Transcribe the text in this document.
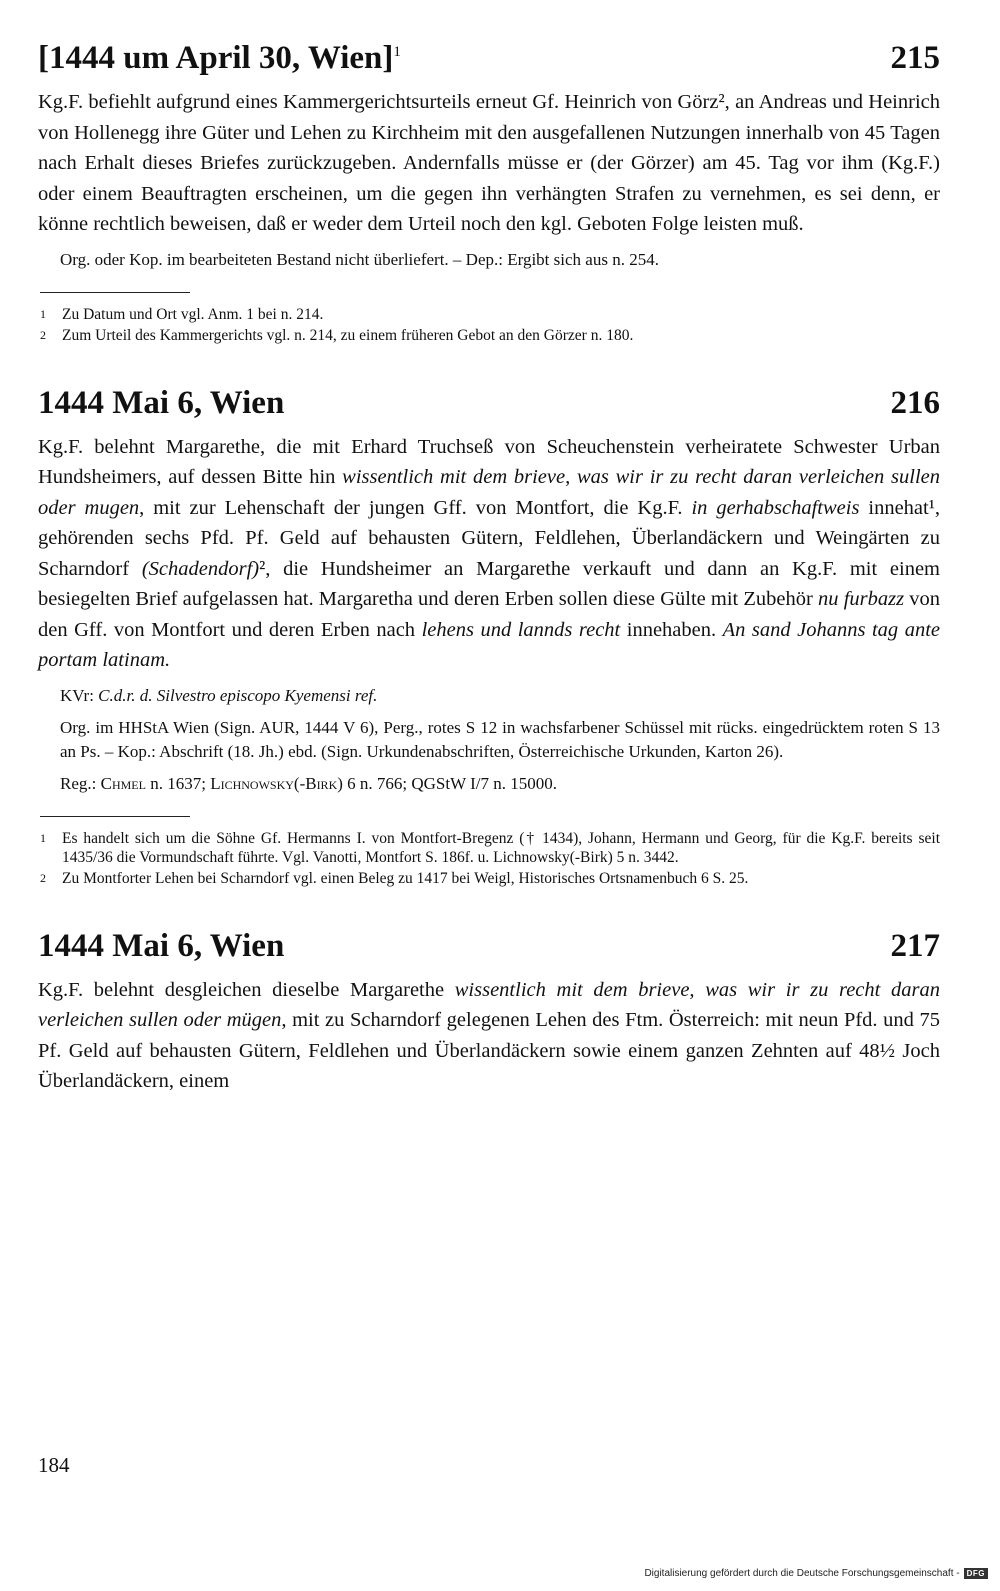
[1444 um April 30, Wien]$^1$	215

Kg.F. befiehlt aufgrund eines Kammergerichtsurteils erneut Gf. Heinrich von Görz², an Andreas und Heinrich von Hollenegg ihre Güter und Lehen zu Kirchheim mit den ausgefallenen Nutzungen innerhalb von 45 Tagen nach Erhalt dieses Briefes zurückzugeben. Andernfalls müsse er (der Görzer) am 45. Tag vor ihm (Kg.F.) oder einem Beauftragten erscheinen, um die gegen ihn verhängten Strafen zu vernehmen, es sei denn, er könne rechtlich beweisen, daß er weder dem Urteil noch den kgl. Geboten Folge leisten muß.

Org. oder Kop. im bearbeiteten Bestand nicht überliefert. – Dep.: Ergibt sich aus n. 254.
1	Zu Datum und Ort vgl. Anm. 1 bei n. 214.
2	Zum Urteil des Kammergerichts vgl. n. 214, zu einem früheren Gebot an den Görzer n. 180.
1444 Mai 6, Wien	216

Kg.F. belehnt Margarethe, die mit Erhard Truchseß von Scheuchenstein verheiratete Schwester Urban Hundsheimers, auf dessen Bitte hin wissentlich mit dem brieve, was wir ir zu recht daran verleichen sullen oder mugen, mit zur Lehenschaft der jungen Gff. von Montfort, die Kg.F. in gerhabschaftweis innehat¹, gehörenden sechs Pfd. Pf. Geld auf behausten Gütern, Feldlehen, Überlandäckern und Weingärten zu Scharndorf (Schadendorf)², die Hundsheimer an Margarethe verkauft und dann an Kg.F. mit einem besiegelten Brief aufgelassen hat. Margaretha und deren Erben sollen diese Gülte mit Zubehör nu furbazz von den Gff. von Montfort und deren Erben nach lehens und lannds recht innehaben. An sand Johanns tag ante portam latinam.

KVr: C.d.r. d. Silvestro episcopo Kyemensi ref.
Org. im HHStA Wien (Sign. AUR, 1444 V 6), Perg., rotes S 12 in wachsfarbener Schüssel mit rücks. eingedrücktem roten S 13 an Ps. – Kop.: Abschrift (18. Jh.) ebd. (Sign. Urkundenabschriften, Österreichische Urkunden, Karton 26).
Reg.: Chmel n. 1637; Lichnowsky(-Birk) 6 n. 766; QGStW I/7 n. 15000.
1	Es handelt sich um die Söhne Gf. Hermanns I. von Montfort-Bregenz († 1434), Johann, Hermann und Georg, für die Kg.F. bereits seit 1435/36 die Vormundschaft führte. Vgl. Vanotti, Montfort S. 186f. u. Lichnowsky(-Birk) 5 n. 3442.
2	Zu Montforter Lehen bei Scharndorf vgl. einen Beleg zu 1417 bei Weigl, Historisches Ortsnamenbuch 6 S. 25.
1444 Mai 6, Wien	217

Kg.F. belehnt desgleichen dieselbe Margarethe wissentlich mit dem brieve, was wir ir zu recht daran verleichen sullen oder mügen, mit zu Scharndorf gelegenen Lehen des Ftm. Österreich: mit neun Pfd. und 75 Pf. Geld auf behausten Gütern, Feldlehen und Überlandäckern sowie einem ganzen Zehnten auf 48½ Joch Überlandäckern, einem

184
Digitalisierung gefördert durch die Deutsche Forschungsgemeinschaft - DFG
